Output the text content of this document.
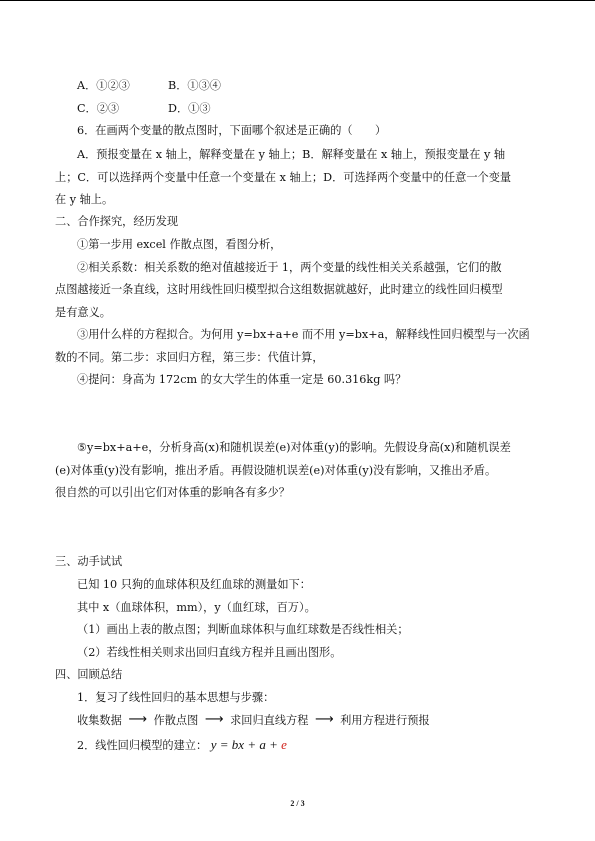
A．①②③	B．①③④
C．②③	D．①③
6．在画两个变量的散点图时，下面哪个叙述是正确的（　　）
A．预报变量在 x 轴上，解释变量在 y 轴上；B．解释变量在 x 轴上，预报变量在 y 轴
上；C．可以选择两个变量中任意一个变量在 x 轴上；D．可选择两个变量中的任意一个变量
在 y 轴上。
二、合作探究，经历发现
①第一步用 excel 作散点图，看图分析，
②相关系数：相关系数的绝对值越接近于 1，两个变量的线性相关关系越强，它们的散
点图越接近一条直线，这时用线性回归模型拟合这组数据就越好，此时建立的线性回归模型
是有意义。
③用什么样的方程拟合。为何用 y=bx+a+e 而不用 y=bx+a，解释线性回归模型与一次函
数的不同。第二步：求回归方程，第三步：代值计算，
④提问：身高为 172cm 的女大学生的体重一定是 60.316kg 吗？
⑤y=bx+a+e，分析身高(x)和随机误差(e)对体重(y)的影响。先假设身高(x)和随机误差
(e)对体重(y)没有影响，推出矛盾。再假设随机误差(e)对体重(y)没有影响，又推出矛盾。
很自然的可以引出它们对体重的影响各有多少？
三、动手试试
已知 10 只狗的血球体积及红血球的测量如下：
其中 x（血球体积，mm），y（血红球，百万）。
（1）画出上表的散点图；判断血球体积与血红球数是否线性相关；
（2）若线性相关则求出回归直线方程并且画出图形。
四、回顾总结
1．复习了线性回归的基本思想与步骤：
收集数据 ⟶ 作散点图 ⟶ 求回归直线方程 ⟶ 利用方程进行预报
2．线性回归模型的建立： y = bx + a + e
2 / 3
